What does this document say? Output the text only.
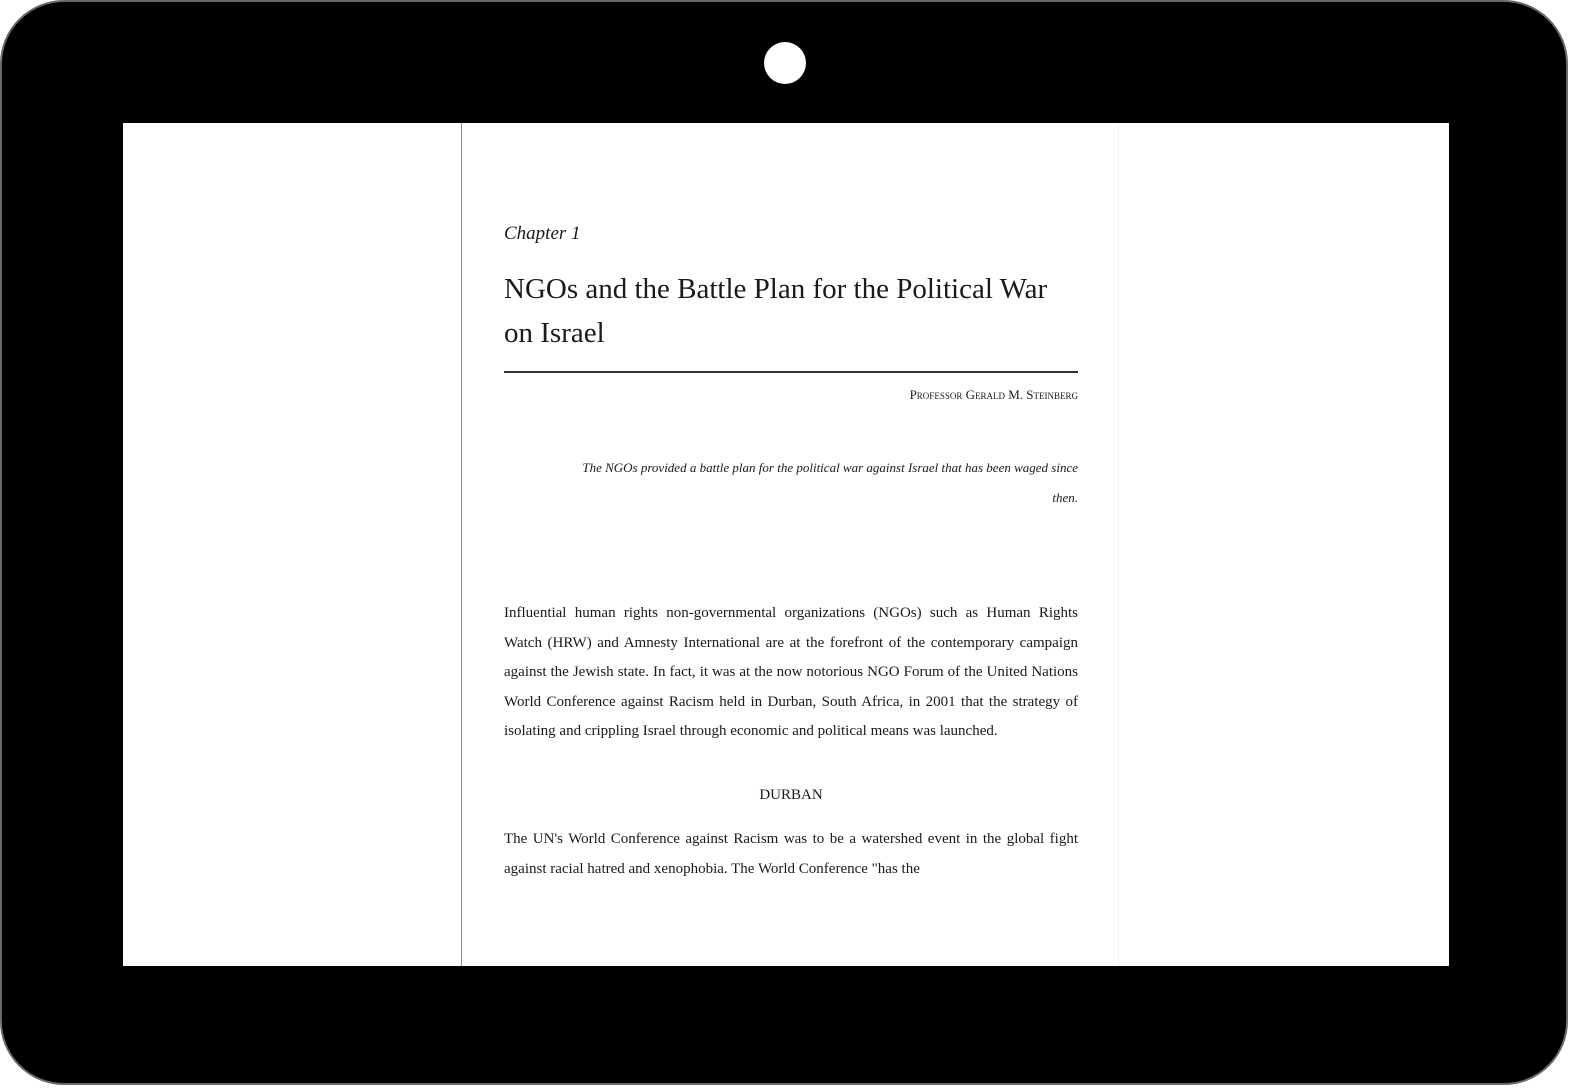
Chapter 1

NGOs and the Battle Plan for the Political War on Israel
Professor Gerald M. Steinberg
The NGOs provided a battle plan for the political war against Israel that has been waged since then.

Influential human rights non-governmental organizations (NGOs) such as Human Rights Watch (HRW) and Amnesty International are at the forefront of the contemporary campaign against the Jewish state. In fact, it was at the now notorious NGO Forum of the United Nations World Conference against Racism held in Durban, South Africa, in 2001 that the strategy of isolating and crippling Israel through economic and political means was launched.

DURBAN

The UN's World Conference against Racism was to be a watershed event in the global fight against racial hatred and xenophobia. The World Conference "has the
